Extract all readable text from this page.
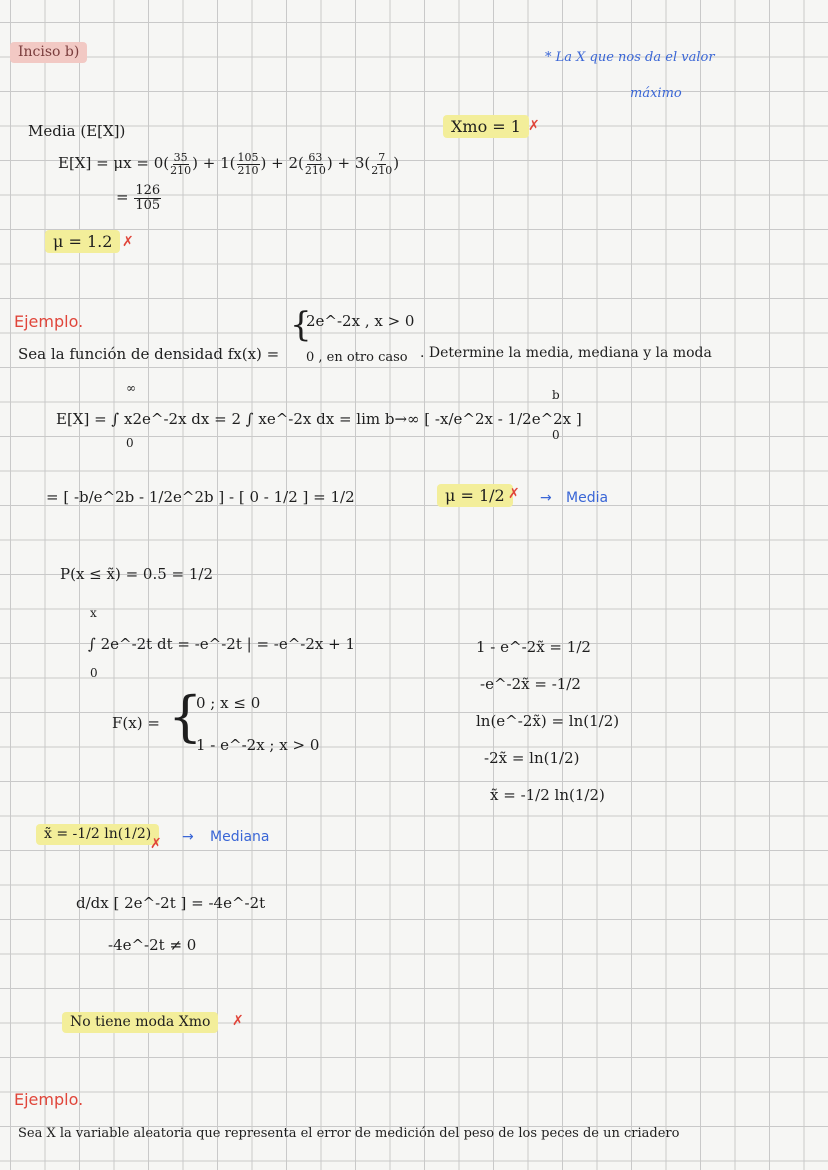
Inciso b)	* La X que nos da el valor
máximo
Media (E[X])	Xmo = 1 ✗
$E[X] = \mu x = 0( \frac{35}{210}$ ) + $1( \frac{105}{210}$ ) + $2( \frac{63}{210}$ ) + $3( \frac{7}{210}$ )
= $\frac{126}{105}$
μ = 1.2 ✗
Ejemplo.
Sea la función de densidad fx(x) =
{
2e^-2x , x > 0
0 , en otro caso . Determine la media, mediana y la moda
∞
E[X] = ∫ x2e^-2x dx = 2 ∫ xe^-2x dx = lim b→∞ [ -x/e^2x - 1/2e^2x ]
0
b
0
= [ -b/e^2b - 1/2e^2b ] - [ 0 - 1/2 ] = 1/2	μ = 1/2 ✗ → Media
P(x ≤ x̃) = 0.5 = 1/2
x
∫ 2e^-2t dt = -e^-2t | = -e^-2x + 1
0
F(x) = {
0 ; x ≤ 0
1 - e^-2x ; x > 0
1 - e^-2x̃ = 1/2
-e^-2x̃ = -1/2
ln(e^-2x̃) = ln(1/2)
-2x̃ = ln(1/2)
x̃ = -1/2 ln(1/2)
x̃ = -1/2 ln(1/2)
✗ → Mediana
d/dx [ 2e^-2t ] = -4e^-2t
-4e^-2t ≠ 0
No tiene moda Xmo	✗
Ejemplo.
Sea X la variable aleatoria que representa el error de medición del peso de los peces de un criadero
